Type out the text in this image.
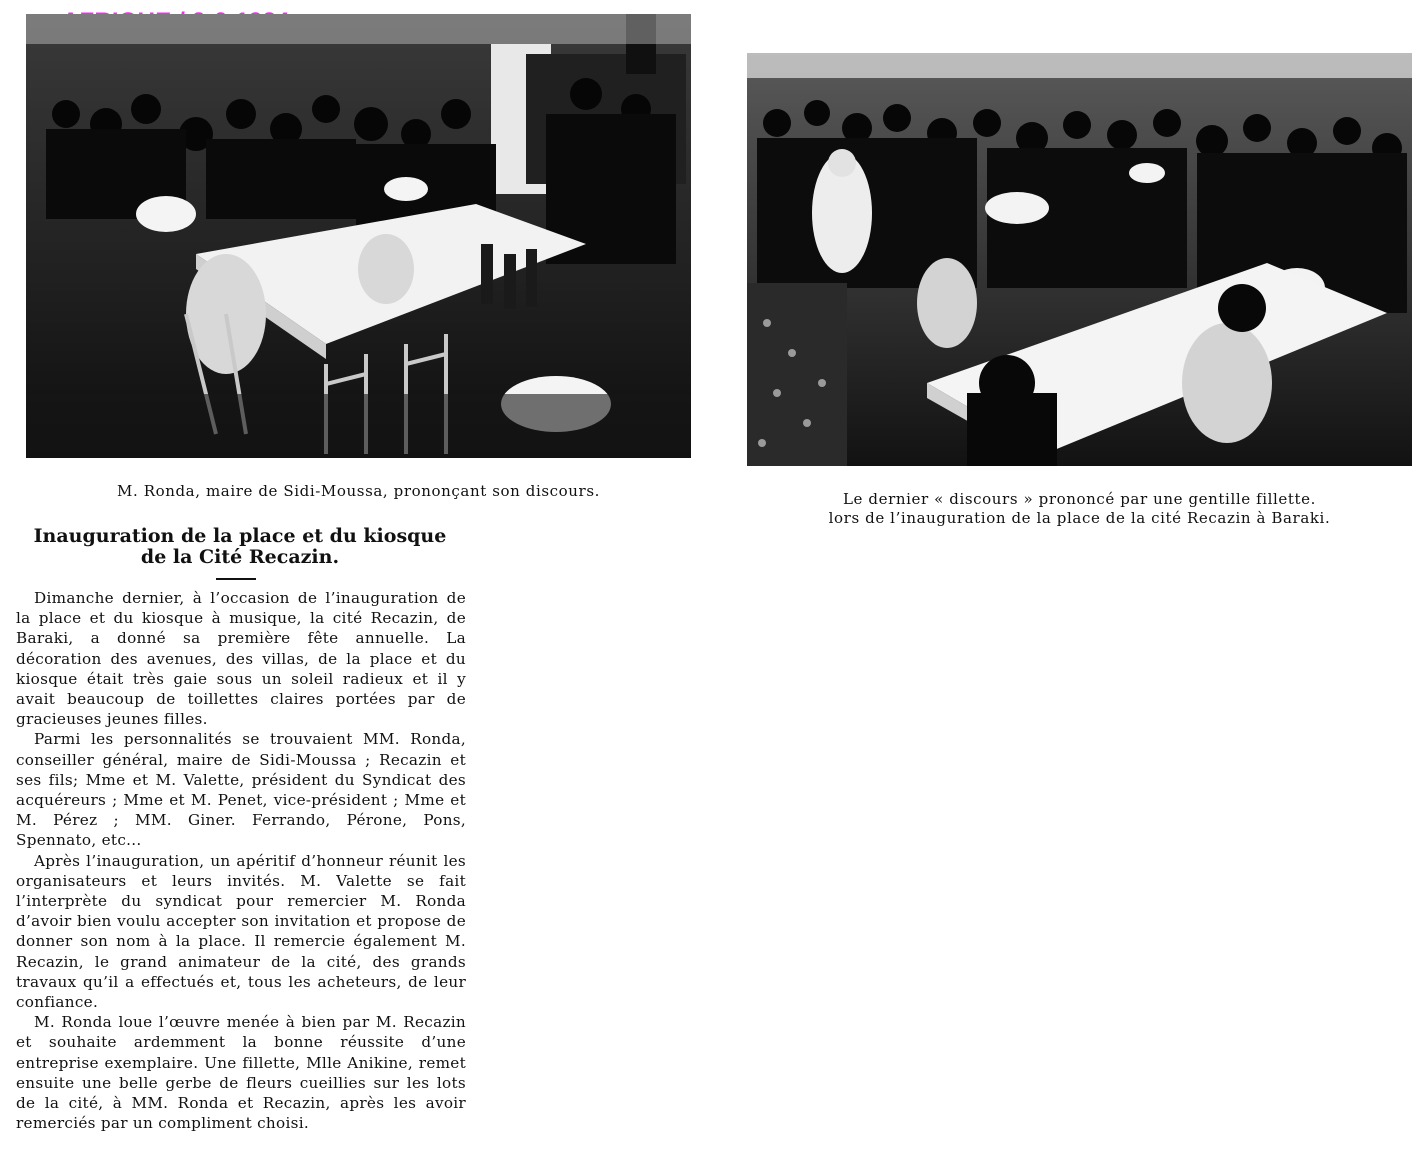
M. Ronda, maire de Sidi-Moussa, prononçant son discours.	Le dernier « discours » prononcé par une gentille fillette.
lors de l’inauguration de la place de la cité Recazin à Baraki.
Inauguration de la place et du kiosque
de la Cité Recazin.

Dimanche dernier, à l’occasion de l’inauguration de la place et du kiosque à musique, la cité Recazin, de Baraki, a donné sa première fête annuelle. La décoration des avenues, des villas, de la place et du kiosque était très gaie sous un soleil radieux et il y avait beaucoup de toillettes claires portées par de gracieuses jeunes filles.

Parmi les personnalités se trouvaient MM. Ronda, conseiller général, maire de Sidi-Moussa ; Recazin et ses fils; Mme et M. Valette, président du Syndicat des acquéreurs ; Mme et M. Penet, vice-président ; Mme et M. Pérez ; MM. Giner. Ferrando, Pérone, Pons, Spennato, etc...

Après l’inauguration, un apéritif d’honneur réunit les organisateurs et leurs invités. M. Valette se fait l’interprète du syndicat pour remercier M. Ronda d’avoir bien voulu accepter son invitation et propose de donner son nom à la place. Il remercie également M. Recazin, le grand animateur de la cité, des grands travaux qu’il a effectués et, tous les acheteurs, de leur confiance.

M. Ronda loue l’œuvre menée à bien par M. Recazin et souhaite ardemment la bonne réussite d’une entreprise exemplaire. Une fillette, Mlle Anikine, remet ensuite une belle gerbe de fleurs cueillies sur les lots de la cité, à MM. Ronda et Recazin, après les avoir remerciés par un compliment choisi.
